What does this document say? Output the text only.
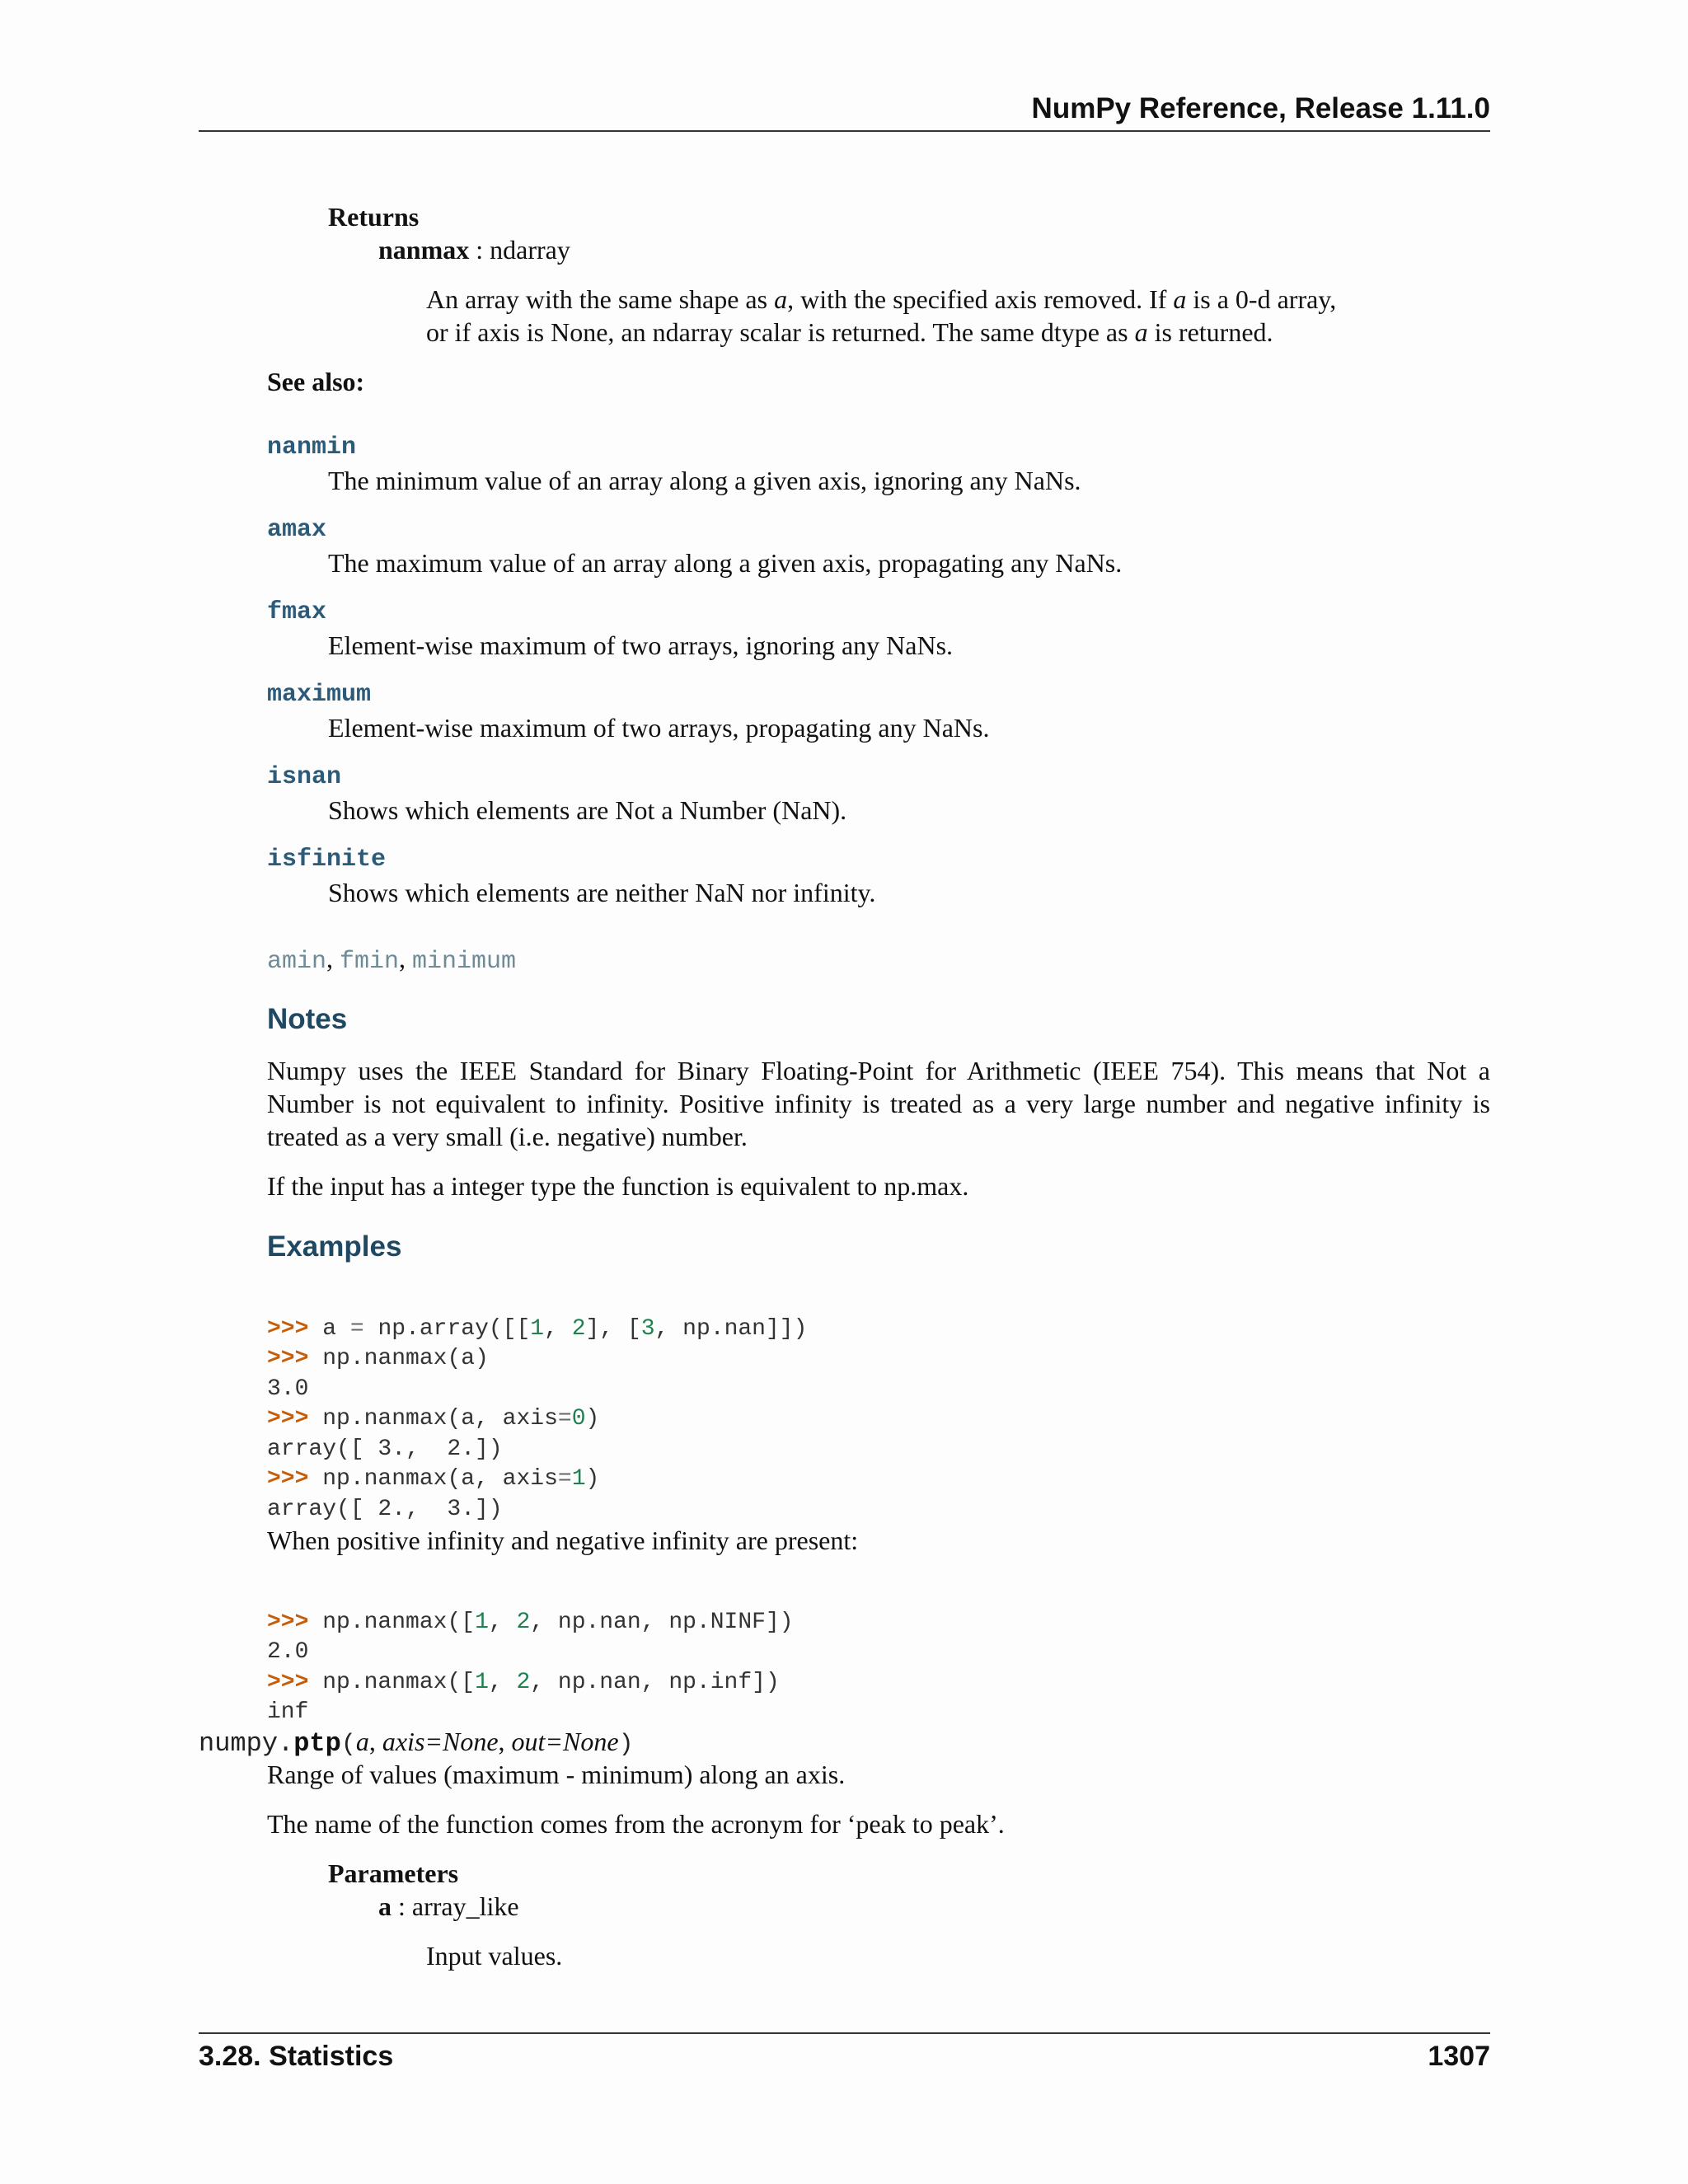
NumPy Reference, Release 1.11.0
Returns
nanmax : ndarray
An array with the same shape as a, with the specified axis removed. If a is a 0-d array,
or if axis is None, an ndarray scalar is returned. The same dtype as a is returned.
See also:
nanmin
The minimum value of an array along a given axis, ignoring any NaNs.
amax
The maximum value of an array along a given axis, propagating any NaNs.
fmax
Element-wise maximum of two arrays, ignoring any NaNs.
maximum
Element-wise maximum of two arrays, propagating any NaNs.
isnan
Shows which elements are Not a Number (NaN).
isfinite
Shows which elements are neither NaN nor infinity.
amin, fmin, minimum
Notes
Numpy uses the IEEE Standard for Binary Floating-Point for Arithmetic (IEEE 754). This means that Not a Number is not equivalent to infinity. Positive infinity is treated as a very large number and negative infinity is treated as a very small (i.e. negative) number.
If the input has a integer type the function is equivalent to np.max.
Examples

>>> a = np.array([[1, 2], [3, np.nan]])
>>> np.nanmax(a)
3.0
>>> np.nanmax(a, axis=0)
array([ 3.,  2.])
>>> np.nanmax(a, axis=1)
array([ 2.,  3.])

When positive infinity and negative infinity are present:

>>> np.nanmax([1, 2, np.nan, np.NINF])
2.0
>>> np.nanmax([1, 2, np.nan, np.inf])
inf

numpy.ptp(a, axis=None, out=None)
Range of values (maximum - minimum) along an axis.
The name of the function comes from the acronym for ‘peak to peak’.
Parameters
a : array_like
Input values.
3.28. Statistics	1307
